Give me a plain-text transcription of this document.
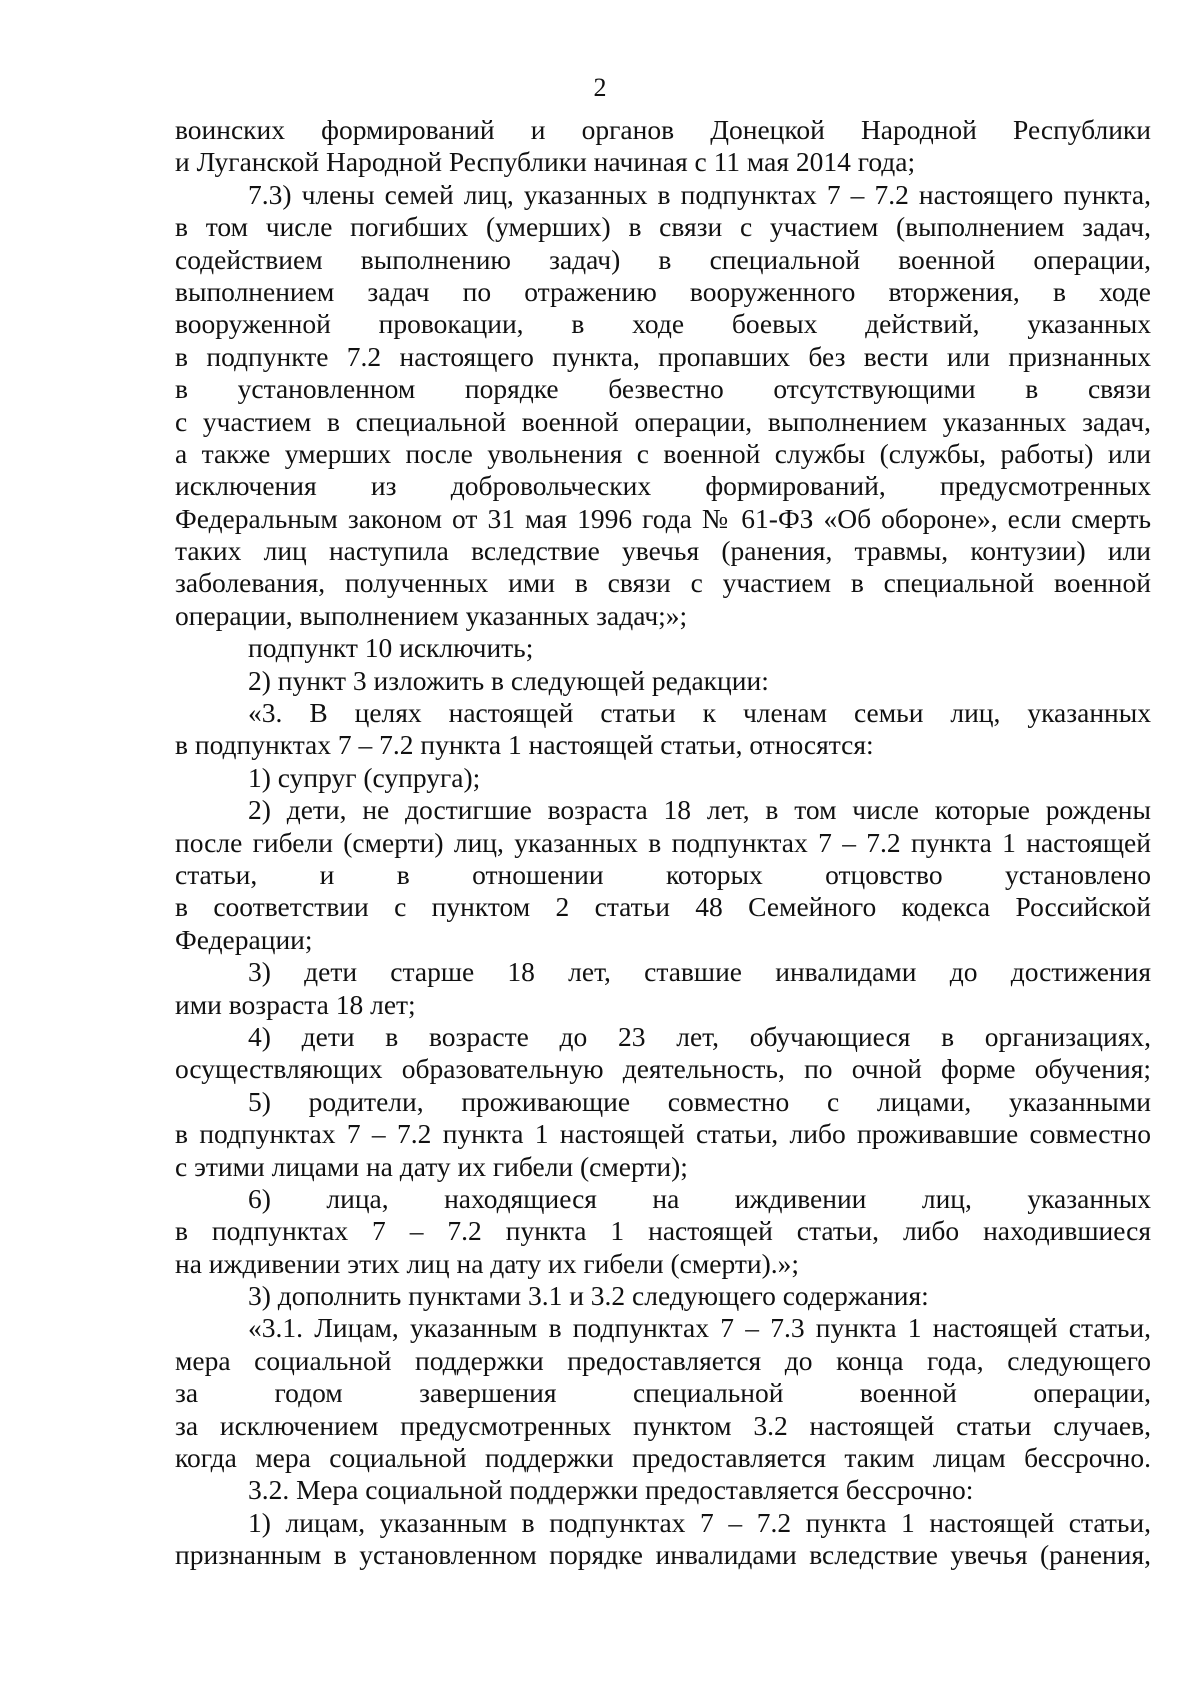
2
воинских формирований и органов Донецкой Народной Республики
и Луганской Народной Республики начиная с 11 мая 2014 года;
7.3) члены семей лиц, указанных в подпунктах 7 – 7.2 настоящего пункта,
в том числе погибших (умерших) в связи с участием (выполнением задач,
содействием выполнению задач) в специальной военной операции,
выполнением задач по отражению вооруженного вторжения, в ходе
вооруженной провокации, в ходе боевых действий, указанных
в подпункте 7.2 настоящего пункта, пропавших без вести или признанных
в установленном порядке безвестно отсутствующими в связи
с участием в специальной военной операции, выполнением указанных задач,
а также умерших после увольнения с военной службы (службы, работы) или
исключения из добровольческих формирований, предусмотренных
Федеральным законом от 31 мая 1996 года № 61-ФЗ «Об обороне», если смерть
таких лиц наступила вследствие увечья (ранения, травмы, контузии) или
заболевания, полученных ими в связи с участием в специальной военной
операции, выполнением указанных задач;»;
подпункт 10 исключить;
2) пункт 3 изложить в следующей редакции:
«3. В целях настоящей статьи к членам семьи лиц, указанных
в подпунктах 7 – 7.2 пункта 1 настоящей статьи, относятся:
1) супруг (супруга);
2) дети, не достигшие возраста 18 лет, в том числе которые рождены
после гибели (смерти) лиц, указанных в подпунктах 7 – 7.2 пункта 1 настоящей
статьи, и в отношении которых отцовство установлено
в соответствии с пунктом 2 статьи 48 Семейного кодекса Российской
Федерации;
3) дети старше 18 лет, ставшие инвалидами до достижения
ими возраста 18 лет;
4) дети в возрасте до 23 лет, обучающиеся в организациях,
осуществляющих образовательную деятельность, по очной форме обучения;
5) родители, проживающие совместно с лицами, указанными
в подпунктах 7 – 7.2 пункта 1 настоящей статьи, либо проживавшие совместно
с этими лицами на дату их гибели (смерти);
6) лица, находящиеся на иждивении лиц, указанных
в подпунктах 7 – 7.2 пункта 1 настоящей статьи, либо находившиеся
на иждивении этих лиц на дату их гибели (смерти).»;
3) дополнить пунктами 3.1 и 3.2 следующего содержания:
«3.1. Лицам, указанным в подпунктах 7 – 7.3 пункта 1 настоящей статьи,
мера социальной поддержки предоставляется до конца года, следующего
за годом завершения специальной военной операции,
за исключением предусмотренных пунктом 3.2 настоящей статьи случаев,
когда мера социальной поддержки предоставляется таким лицам бессрочно.
3.2. Мера социальной поддержки предоставляется бессрочно:
1) лицам, указанным в подпунктах 7 – 7.2 пункта 1 настоящей статьи,
признанным в установленном порядке инвалидами вследствие увечья (ранения,
